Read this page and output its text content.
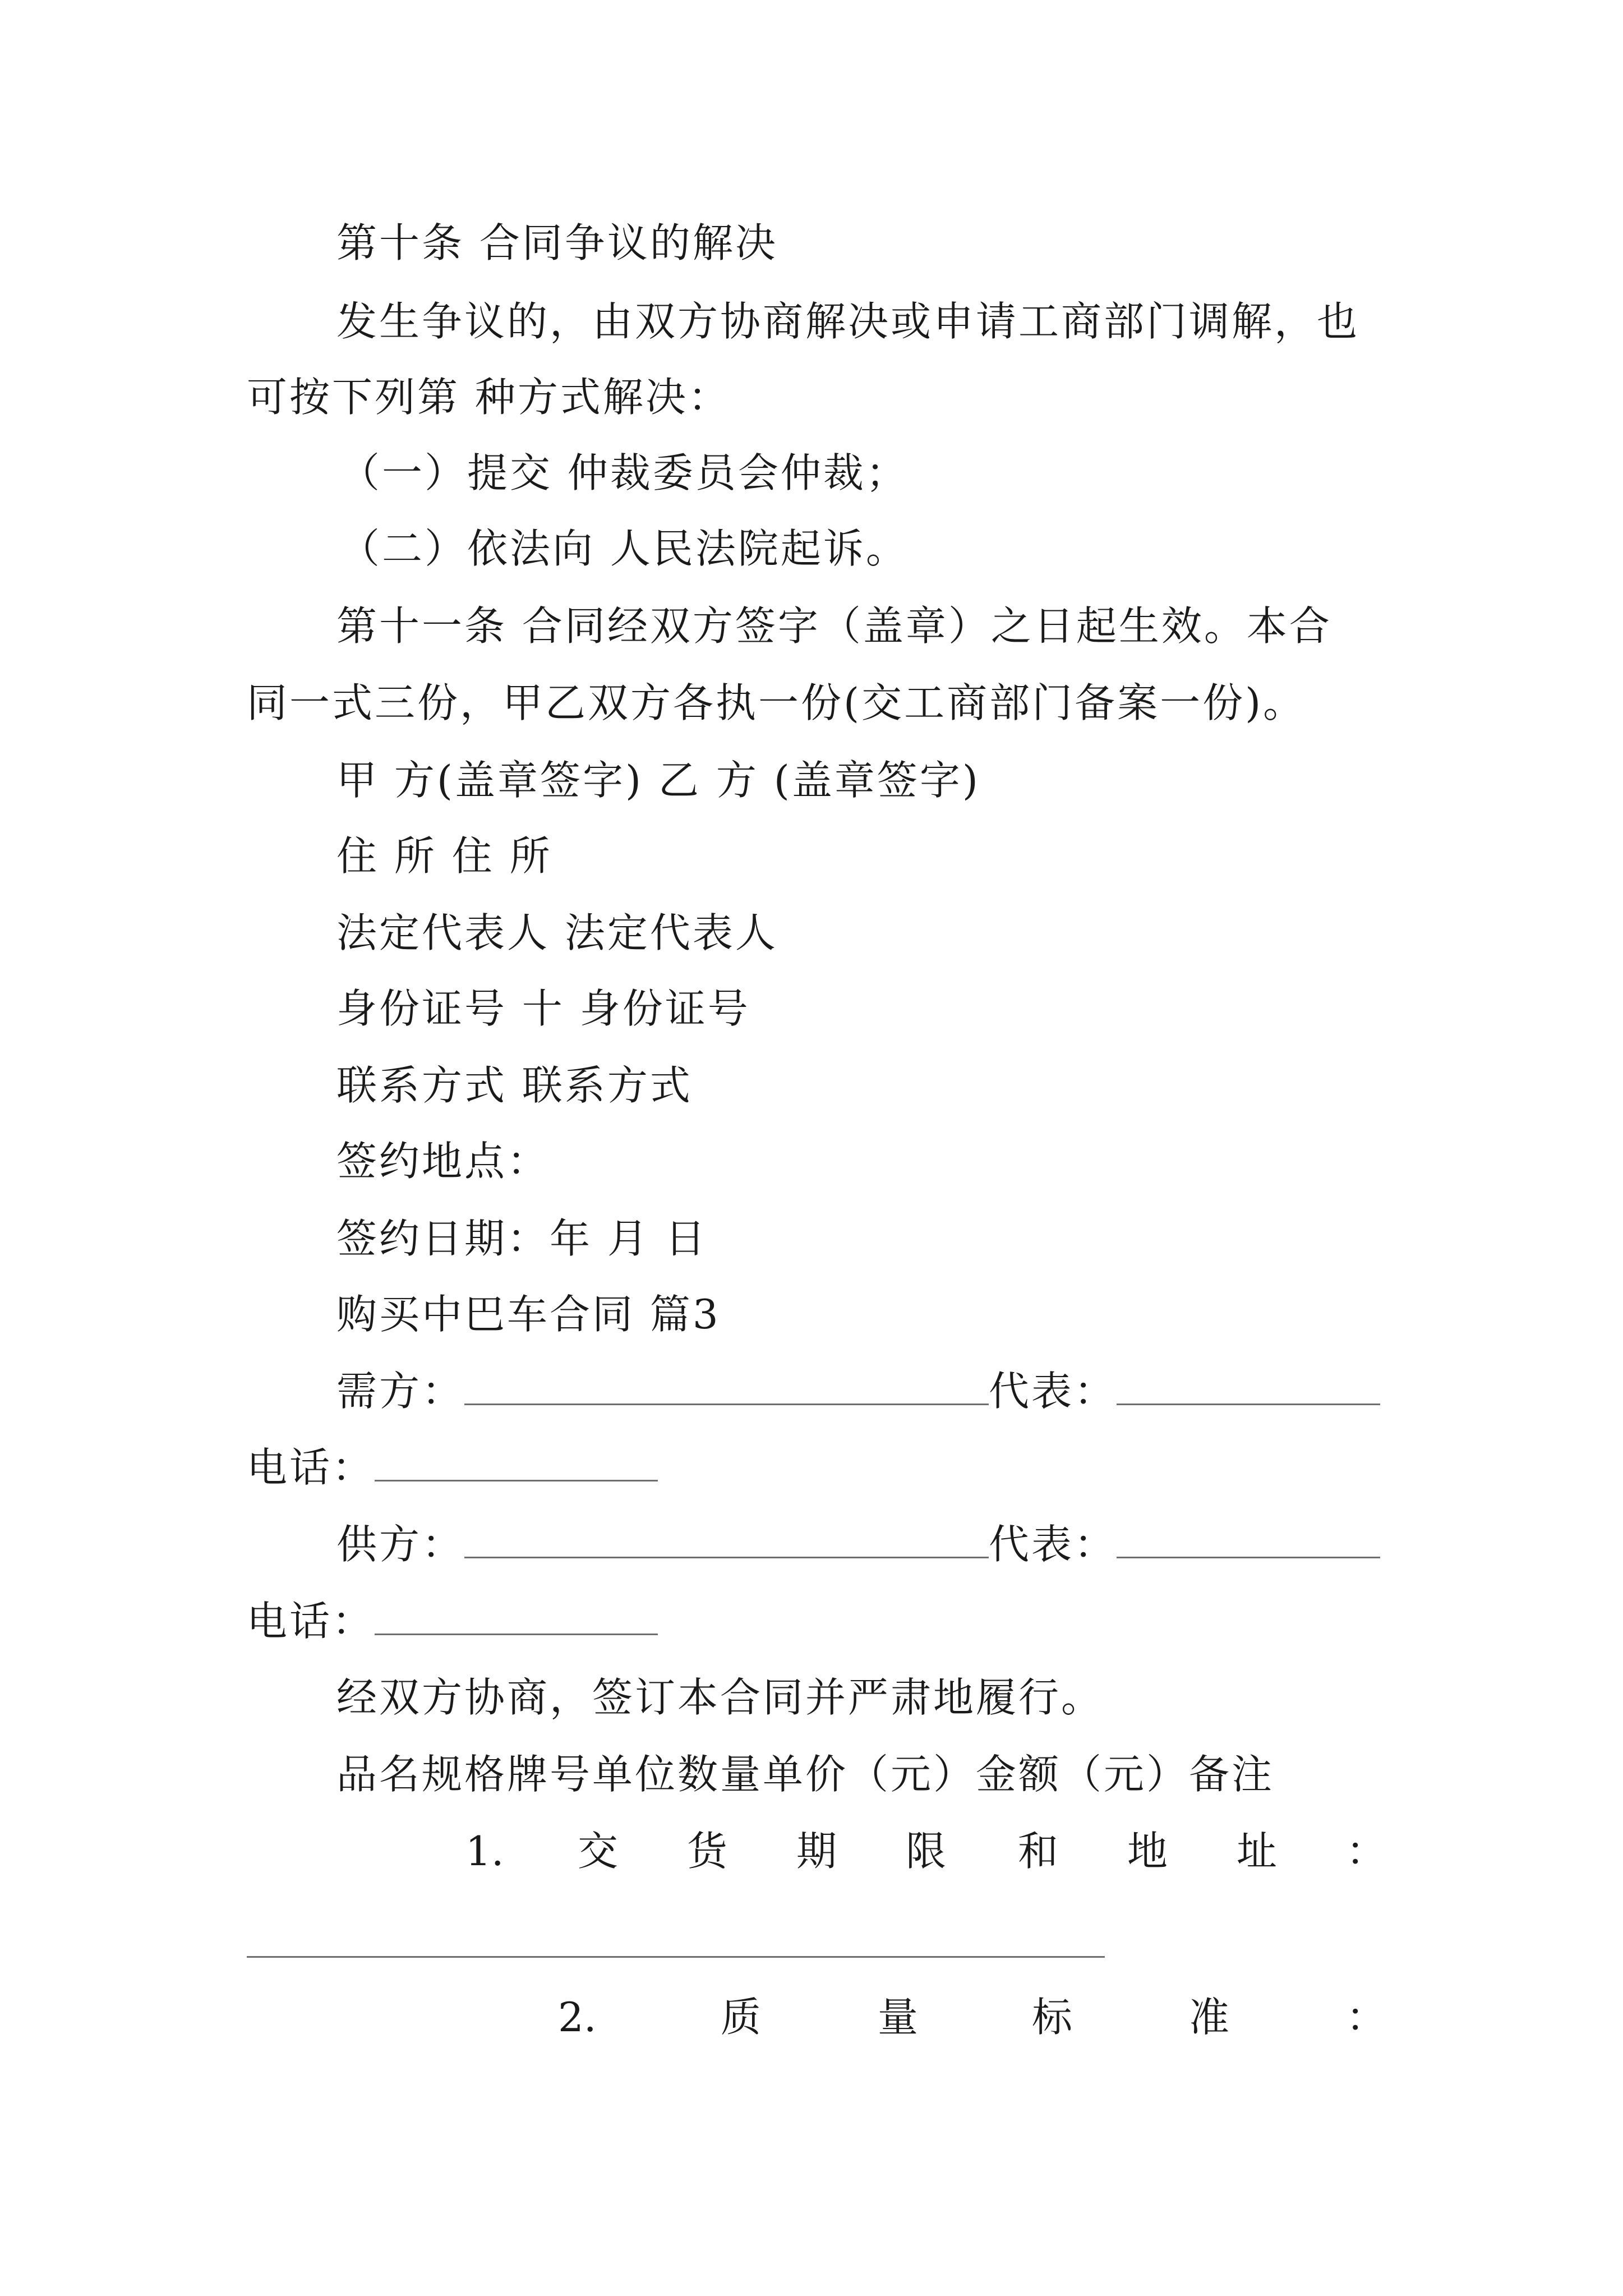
第十条 合同争议的解决
发生争议的，由双方协商解决或申请工商部门调解，也
可按下列第 种方式解决：
（一）提交 仲裁委员会仲裁；
（二）依法向 人民法院起诉。
第十一条 合同经双方签字（盖章）之日起生效。本合
同一式三份，甲乙双方各执一份(交工商部门备案一份)。
甲 方(盖章签字) 乙 方 (盖章签字)
住 所 住 所
法定代表人 法定代表人
身份证号 十 身份证号
联系方式 联系方式
签约地点：
签约日期：年 月 日
购买中巴车合同 篇3
需方：	代表：
电话：
供方：	代表：
电话：
经双方协商，签订本合同并严肃地履行。
品名规格牌号单位数量单价（元）金额（元）备注
1. 交 货 期 限 和 地 址 ：
2.	质	量	标	准	：
